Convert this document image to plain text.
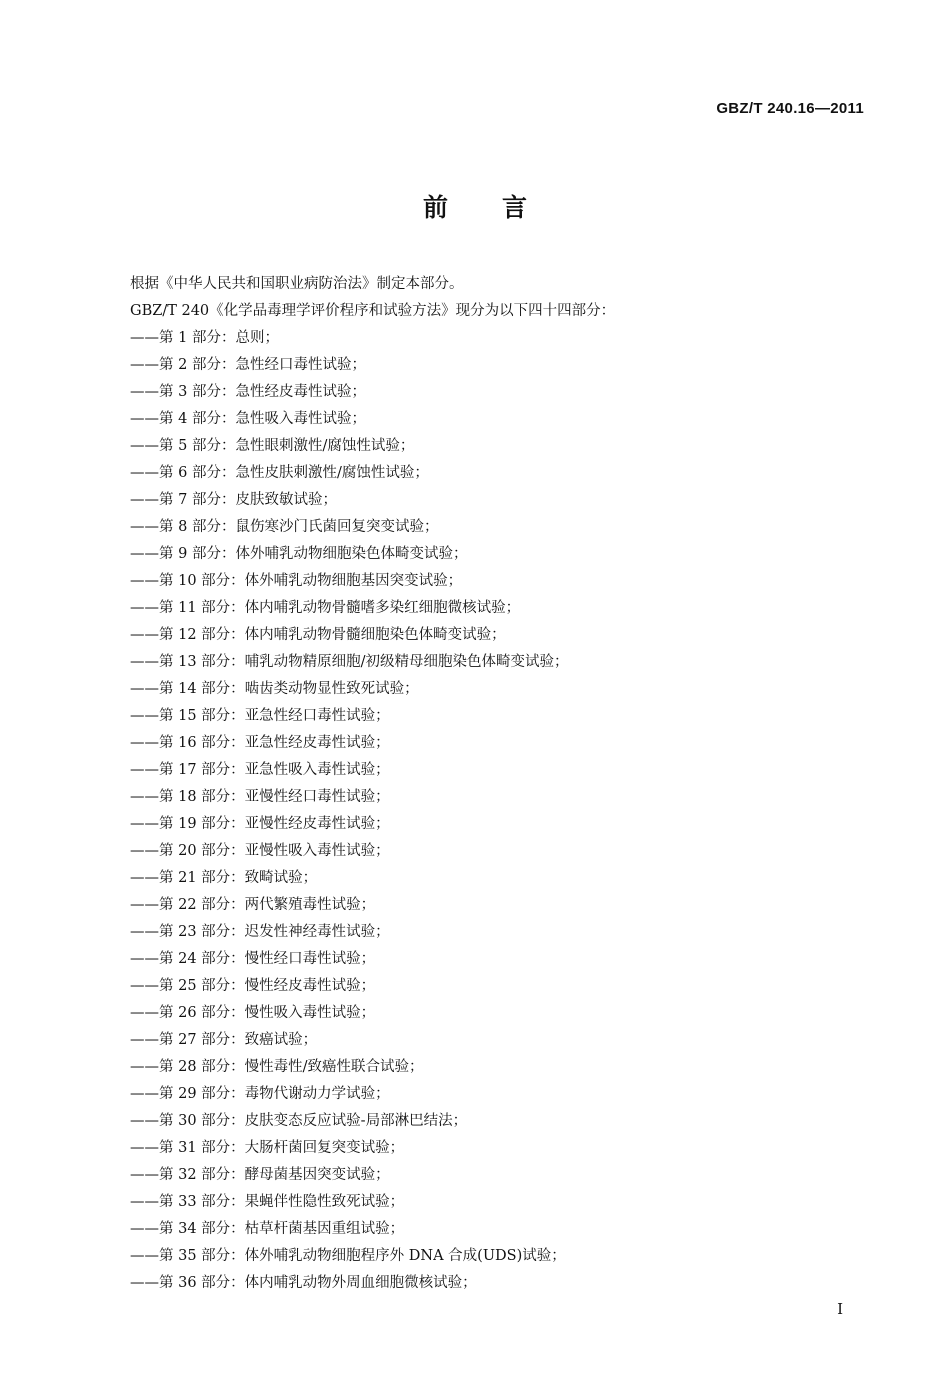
GBZ/T 240.16—2011
前言
根据《中华人民共和国职业病防治法》制定本部分。
GBZ/T 240《化学品毒理学评价程序和试验方法》现分为以下四十四部分：
——第 1 部分：总则；
——第 2 部分：急性经口毒性试验；
——第 3 部分：急性经皮毒性试验；
——第 4 部分：急性吸入毒性试验；
——第 5 部分：急性眼刺激性/腐蚀性试验；
——第 6 部分：急性皮肤刺激性/腐蚀性试验；
——第 7 部分：皮肤致敏试验；
——第 8 部分：鼠伤寒沙门氏菌回复突变试验；
——第 9 部分：体外哺乳动物细胞染色体畸变试验；
——第 10 部分：体外哺乳动物细胞基因突变试验；
——第 11 部分：体内哺乳动物骨髓嗜多染红细胞微核试验；
——第 12 部分：体内哺乳动物骨髓细胞染色体畸变试验；
——第 13 部分：哺乳动物精原细胞/初级精母细胞染色体畸变试验；
——第 14 部分：啮齿类动物显性致死试验；
——第 15 部分：亚急性经口毒性试验；
——第 16 部分：亚急性经皮毒性试验；
——第 17 部分：亚急性吸入毒性试验；
——第 18 部分：亚慢性经口毒性试验；
——第 19 部分：亚慢性经皮毒性试验；
——第 20 部分：亚慢性吸入毒性试验；
——第 21 部分：致畸试验；
——第 22 部分：两代繁殖毒性试验；
——第 23 部分：迟发性神经毒性试验；
——第 24 部分：慢性经口毒性试验；
——第 25 部分：慢性经皮毒性试验；
——第 26 部分：慢性吸入毒性试验；
——第 27 部分：致癌试验；
——第 28 部分：慢性毒性/致癌性联合试验；
——第 29 部分：毒物代谢动力学试验；
——第 30 部分：皮肤变态反应试验-局部淋巴结法；
——第 31 部分：大肠杆菌回复突变试验；
——第 32 部分：酵母菌基因突变试验；
——第 33 部分：果蝇伴性隐性致死试验；
——第 34 部分：枯草杆菌基因重组试验；
——第 35 部分：体外哺乳动物细胞程序外 DNA 合成(UDS)试验；
——第 36 部分：体内哺乳动物外周血细胞微核试验；
I
